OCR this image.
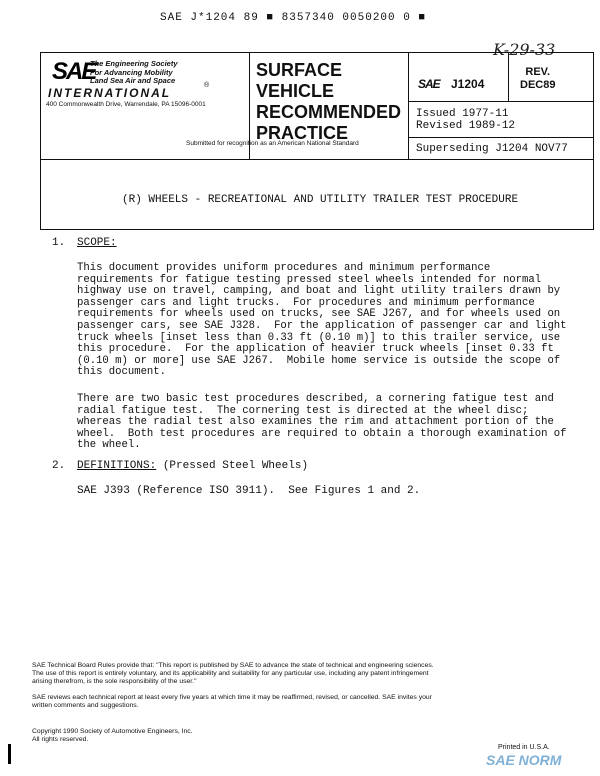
SAE J*1204 89 ■ 8357340 0050200 0 ■
K-29-33
SAE
The Engineering Society
For Advancing Mobility
Land Sea Air and Space
INTERNATIONAL
®
400 Commonwealth Drive, Warrendale, PA 15096-0001
SURFACE
VEHICLE
RECOMMENDED
PRACTICE
Submitted for recognition as an American National Standard
SAE J1204
REV.
DEC89
Issued 1977-11
Revised 1989-12
Superseding J1204 NOV77
(R) WHEELS - RECREATIONAL AND UTILITY TRAILER TEST PROCEDURE
1. SCOPE:
This document provides uniform procedures and minimum performance
requirements for fatigue testing pressed steel wheels intended for normal
highway use on travel, camping, and boat and light utility trailers drawn by
passenger cars and light trucks.  For procedures and minimum performance
requirements for wheels used on trucks, see SAE J267, and for wheels used on
passenger cars, see SAE J328.  For the application of passenger car and light
truck wheels [inset less than 0.33 ft (0.10 m)] to this trailer service, use
this procedure.  For the application of heavier truck wheels [inset 0.33 ft
(0.10 m) or more] use SAE J267.  Mobile home service is outside the scope of
this document.
There are two basic test procedures described, a cornering fatigue test and
radial fatigue test.  The cornering test is directed at the wheel disc;
whereas the radial test also examines the rim and attachment portion of the
wheel.  Both test procedures are required to obtain a thorough examination of
the wheel.
2. DEFINITIONS: (Pressed Steel Wheels)
SAE J393 (Reference ISO 3911).  See Figures 1 and 2.
SAE Technical Board Rules provide that: "This report is published by SAE to advance the state of technical and engineering sciences.
The use of this report is entirely voluntary, and its applicability and suitability for any particular use, including any patent infringement
arising therefrom, is the sole responsibility of the user."
SAE reviews each technical report at least every five years at which time it may be reaffirmed, revised, or cancelled. SAE invites your
written comments and suggestions.
Copyright 1990 Society of Automotive Engineers, Inc.
All rights reserved.
Printed in U.S.A.
SAE NORM
